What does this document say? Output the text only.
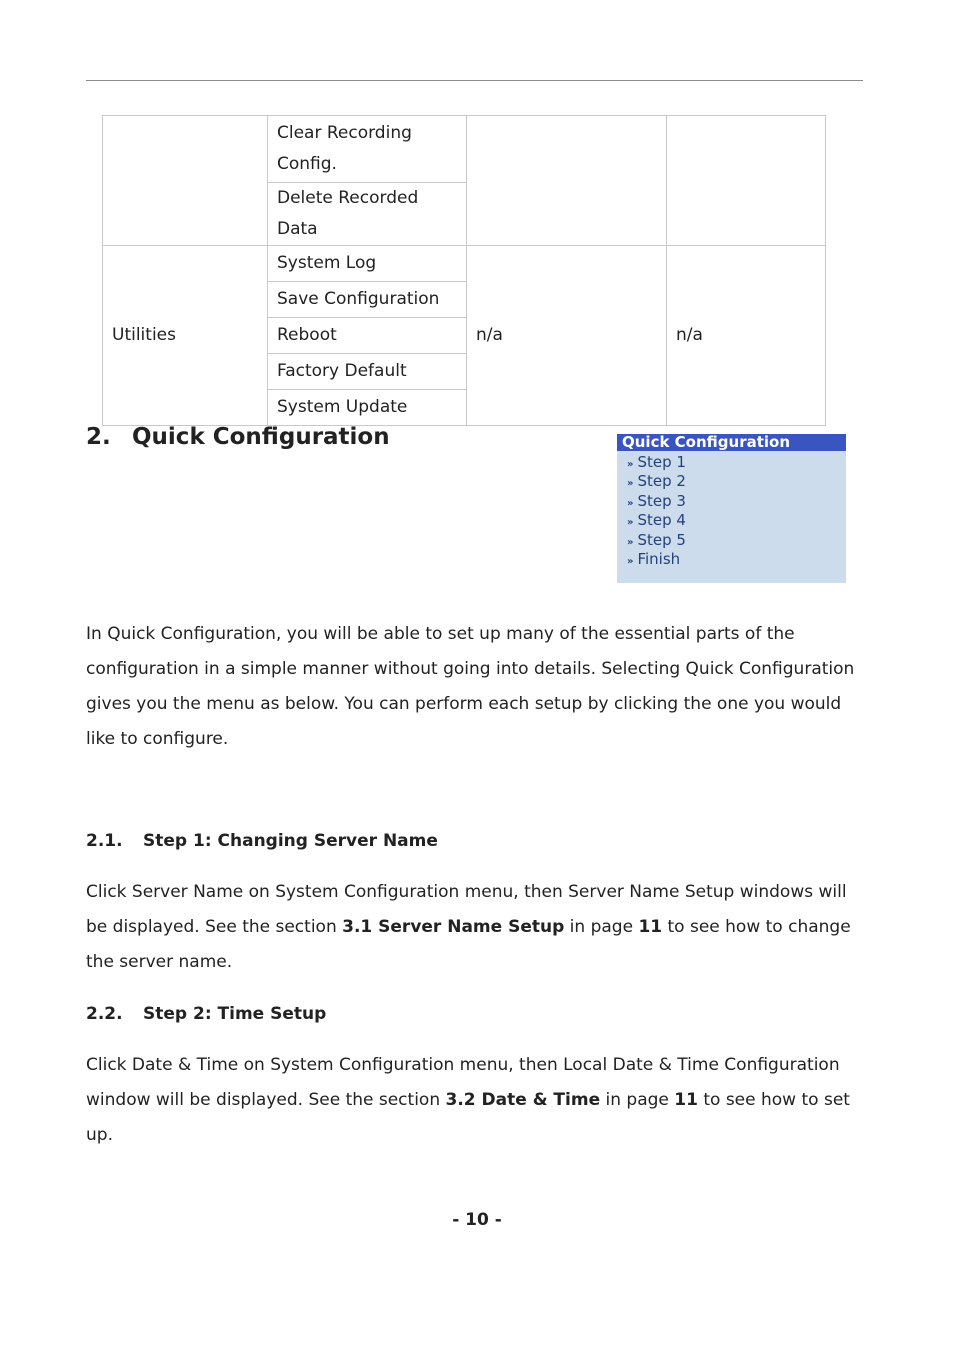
	Clear Recording Config.		
	Delete Recorded Data		
Utilities	System Log	n/a	n/a
	Save Configuration		
	Reboot		
	Factory Default		
	System Update		
2. Quick Configuration	Quick Configuration
» Step 1
» Step 2
» Step 3
» Step 4
» Step 5
» Finish

In Quick Configuration, you will be able to set up many of the essential parts of the configuration in a simple manner without going into details. Selecting Quick Configuration gives you the menu as below. You can perform each setup by clicking the one you would like to configure.

2.1. Step 1: Changing Server Name

Click Server Name on System Configuration menu, then Server Name Setup windows will be displayed. See the section 3.1 Server Name Setup in page 11 to see how to change the server name.

2.2. Step 2: Time Setup

Click Date & Time on System Configuration menu, then Local Date & Time Configuration window will be displayed. See the section 3.2 Date & Time in page 11 to see how to set up.

- 10 -
